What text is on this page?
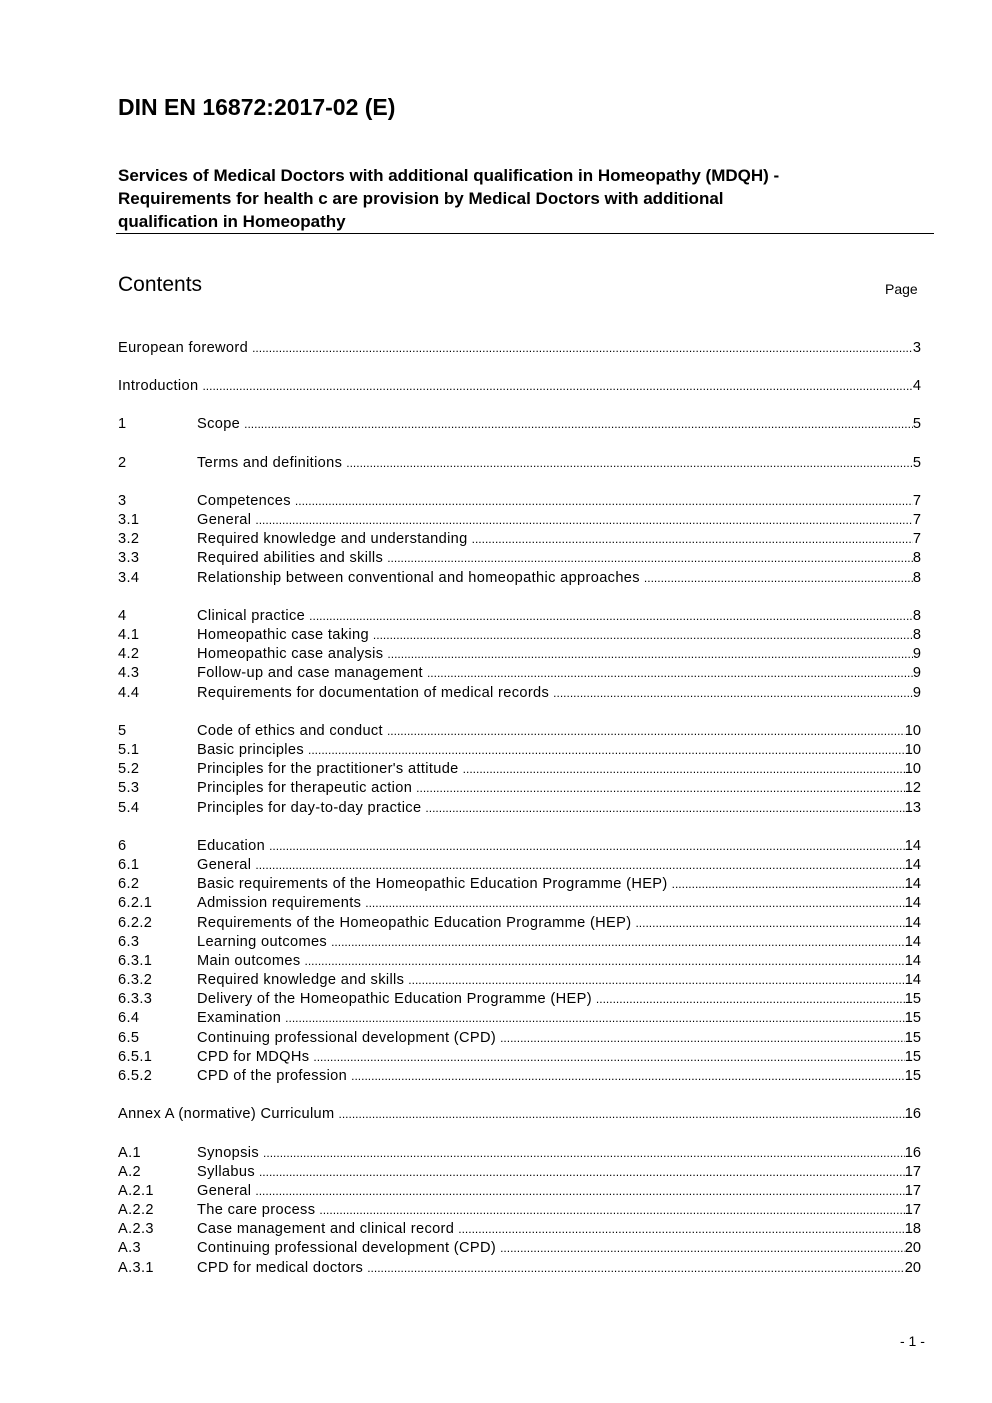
DIN EN 16872:2017-02 (E)
Services of Medical Doctors with additional qualification in Homeopathy (MDQH) -
Requirements for health c are provision by Medical Doctors with additional
qualification in Homeopathy
Contents	Page
European foreword .....	3
Introduction .....	4
1	Scope .....	5
2	Terms and definitions .....	5
3	Competences .....	7
3.1	General .....	7
3.2	Required knowledge and understanding .....	7
3.3	Required abilities and skills .....	8
3.4	Relationship between conventional and homeopathic approaches .....	8
4	Clinical practice .....	8
4.1	Homeopathic case taking .....	8
4.2	Homeopathic case analysis .....	9
4.3	Follow-up and case management .....	9
4.4	Requirements for documentation of medical records .....	9
5	Code of ethics and conduct .....	10
5.1	Basic principles .....	10
5.2	Principles for the practitioner's attitude .....	10
5.3	Principles for therapeutic action .....	12
5.4	Principles for day-to-day practice .....	13
6	Education .....	14
6.1	General .....	14
6.2	Basic requirements of the Homeopathic Education Programme (HEP) .....	14
6.2.1	Admission requirements .....	14
6.2.2	Requirements of the Homeopathic Education Programme (HEP) .....	14
6.3	Learning outcomes .....	14
6.3.1	Main outcomes .....	14
6.3.2	Required knowledge and skills .....	14
6.3.3	Delivery of the Homeopathic Education Programme (HEP) .....	15
6.4	Examination .....	15
6.5	Continuing professional development (CPD) .....	15
6.5.1	CPD for MDQHs .....	15
6.5.2	CPD of the profession .....	15
Annex A (normative) Curriculum .....	16
A.1	Synopsis .....	16
A.2	Syllabus .....	17
A.2.1	General .....	17
A.2.2	The care process .....	17
A.2.3	Case management and clinical record .....	18
A.3	Continuing professional development (CPD) .....	20
A.3.1	CPD for medical doctors .....	20
- 1 -
